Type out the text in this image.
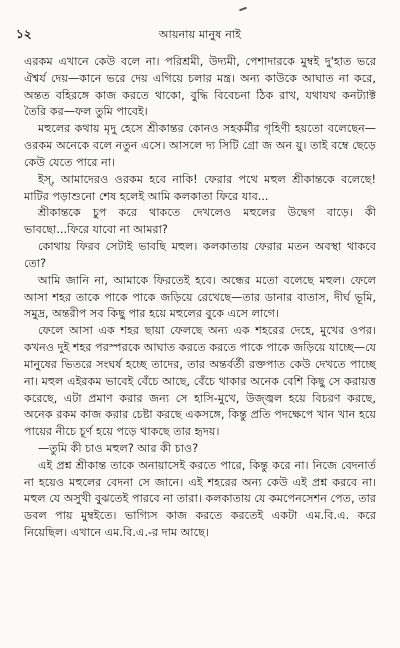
১২	আয়নায় মানুষ নাই

এরকম এখানে কেউ বলে না। পরিশ্রমী, উদ্যমী, পেশাদারকে মুম্বই দু'হাত ভরে ঐশ্বর্য দেয়—কানে ভরে দেয় এগিয়ে চলার মন্ত্র। অন্য কাউকে আঘাত না করে, অন্তত বহিরঙ্গে কাজ করতে থাকো, বুদ্ধি বিবেচনা ঠিক রাখ, যথাযথ কনট্যাক্ট তৈরি কর—ফল তুমি পাবেই।

মহুলের কথায় মৃদু হেসে শ্রীকান্তর কোনও সহকর্মীর গৃহিণী হয়তো বলেছেন—ওরকম অনেকে বলে নতুন এসে। আসলে দ্য সিটি গ্রো জ অন য়ু। তাই বম্বে ছেড়ে কেউ যেতে পারে না।

ইস্, আমাদেরও ওরকম হবে নাকি! ফেরার পথে মহুল শ্রীকান্তকে বলেছে! মাটির পড়াশুনো শেষ হলেই আমি কলকাতা ফিরে যাব...

শ্রীকান্তকে চুপ করে থাকতে দেখলেও মহুলের উদ্বেগ বাড়ে। কী ভাবছো...ফিরে যাবো না আমরা?

কোথায় ফিরব সেটাই ভাবছি মহুল। কলকাতায় ফেরার মতন অবস্থা থাকবে তো?

আমি জানি না, আমাকে ফিরতেই হবে। অন্ধের মতো বলেছে মহুল। ফেলে আসা শহর তাকে পাকে পাকে জড়িয়ে রেখেছে—তার ডানার বাতাস, দীর্ঘ ভূমি, সমুদ্র, অন্তরীপ সব কিছু পার হয়ে মহুলের বুকে এসে লাগে।

ফেলে আসা এক শহর ছায়া ফেলছে অন্য এক শহরের দেহে, মুখের ওপর। কখনও দুই শহর পরস্পরকে আঘাত করতে করতে পাকে পাকে জড়িয়ে যাচ্ছে—যে মানুষের ভিতরে সংঘর্ষ হচ্ছে তাদের, তার অন্তর্বর্তী রক্তপাত কেউ দেখতে পাচ্ছে না। মহুল এইরকম ভাবেই বেঁচে আছে, বেঁচে থাকার অনেক বেশি কিছু সে করায়ত্ত করেছে, এটা প্রমাণ করার জন্য সে হাসি-মুখে, উজ্জ্বল হয়ে বিচরণ করছে, অনেক রকম কাজ করার চেষ্টা করছে একসঙ্গে, কিন্তু প্রতি পদক্ষেপে খান খান হয়ে পায়ের নীচে চূর্ণ হয়ে পড়ে থাকছে তার হৃদয়।

—তুমি কী চাও মহুল? আর কী চাও?

এই প্রশ্ন শ্রীকান্ত তাকে অনায়াসেই করতে পারে, কিন্তু করে না। নিজে বেদনার্ত না হয়েও মহুলের বেদনা সে জানে। এই শহরের অন্য কেউ এই প্রশ্ন করবে না। মহুল যে অসুখী বুঝতেই পারবে না তারা। কলকাতায় যে কমপেনসেশন পেত, তার ডবল পায় মুম্বইতে। ভাগ্যিস কাজ করতে করতেই একটা এম.বি.এ. করে নিয়েছিল। এখানে এম.বি.এ.-র দাম আছে।
